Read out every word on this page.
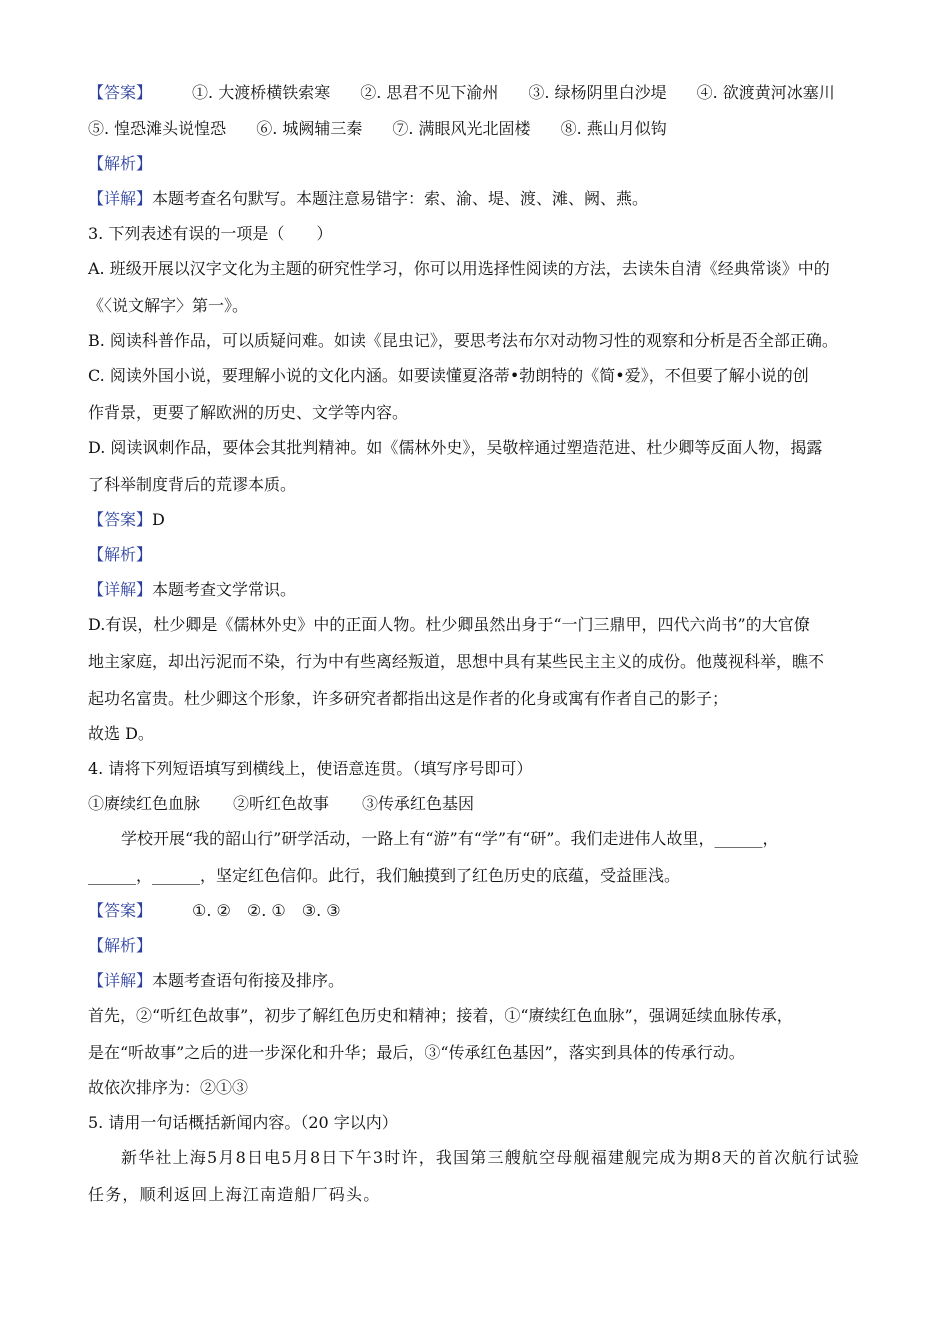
【答案】	①. 大渡桥横铁索寒 ②. 思君不见下渝州 ③. 绿杨阴里白沙堤 ④. 欲渡黄河冰塞川
⑤. 惶恐滩头说惶恐 ⑥. 城阙辅三秦 ⑦. 满眼风光北固楼 ⑧. 燕山月似钩
【解析】
【详解】本题考查名句默写。本题注意易错字：索、渝、堤、渡、滩、阙、燕。
3. 下列表述有误的一项是（　　）
A. 班级开展以汉字文化为主题的研究性学习，你可以用选择性阅读的方法，去读朱自清《经典常谈》中的
《〈说文解字〉第一》。
B. 阅读科普作品，可以质疑问难。如读《昆虫记》，要思考法布尔对动物习性的观察和分析是否全部正确。
C. 阅读外国小说，要理解小说的文化内涵。如要读懂夏洛蒂•勃朗特的《简•爱》，不但要了解小说的创
作背景，更要了解欧洲的历史、文学等内容。
D. 阅读讽刺作品，要体会其批判精神。如《儒林外史》，吴敬梓通过塑造范进、杜少卿等反面人物，揭露
了科举制度背后的荒谬本质。
【答案】D
【解析】
【详解】本题考查文学常识。
D.有误，杜少卿是《儒林外史》中的正面人物。杜少卿虽然出身于“一门三鼎甲，四代六尚书”的大官僚
地主家庭，却出污泥而不染，行为中有些离经叛道，思想中具有某些民主主义的成份。他蔑视科举，瞧不
起功名富贵。杜少卿这个形象，许多研究者都指出这是作者的化身或寓有作者自己的影子；
故选 D。
4. 请将下列短语填写到横线上，使语意连贯。（填写序号即可）
①赓续红色血脉 ②听红色故事 ③传承红色基因
学校开展“我的韶山行”研学活动，一路上有“游”有“学”有“研”。我们走进伟人故里，______，
______，______，坚定红色信仰。此行，我们触摸到了红色历史的底蕴，受益匪浅。
【答案】	①. ② ②. ① ③. ③
【解析】
【详解】本题考查语句衔接及排序。
首先，②“听红色故事”，初步了解红色历史和精神；接着，①“赓续红色血脉”，强调延续血脉传承，
是在“听故事”之后的进一步深化和升华；最后，③“传承红色基因”，落实到具体的传承行动。
故依次排序为：②①③
5. 请用一句话概括新闻内容。（20 字以内）
新华社上海5月8日电5月8日下午3时许，我国第三艘航空母舰福建舰完成为期8天的首次航行试验
任务，顺利返回上海江南造船厂码头。
